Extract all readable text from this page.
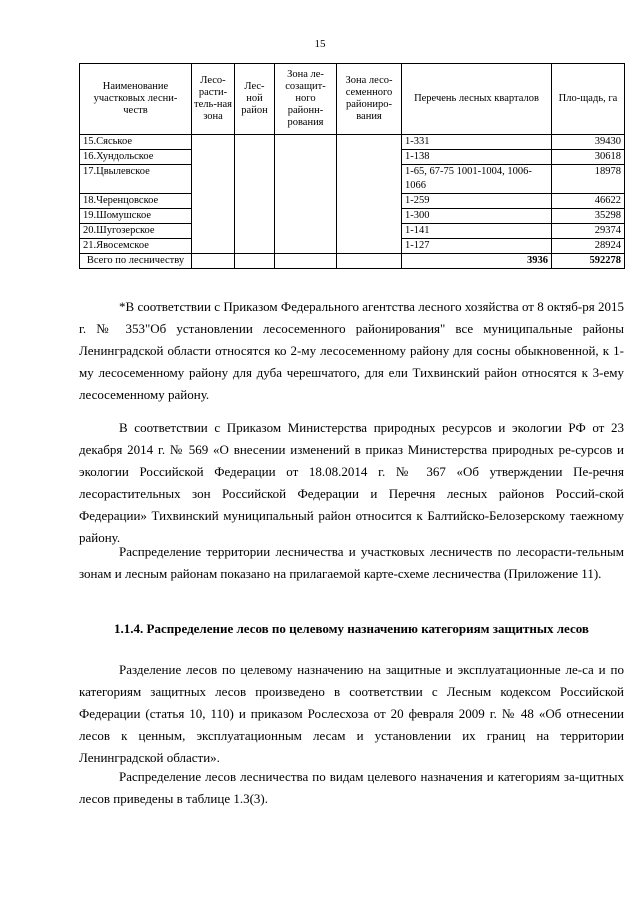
15
Наименование участковых лесни-честв	Лесо-расти-тель-ная зона	Лес-ной район	Зона ле-созащит-ного районн-рования	Зона лесо-семенного райониро-вания	Перечень лесных кварталов	Пло-щадь, га
15.Сяськое					1-331	39430
16.Хундольское					1-138	30618
17.Цвылевское					1-65, 67-75 1001-1004, 1006-1066	18978
18.Черенцовское					1-259	46622
19.Шомушское					1-300	35298
20.Шугозерское					1-141	29374
21.Явосемское					1-127	28924
Всего по лесничеству					3936	592278

*В соответствии с Приказом Федерального агентства лесного хозяйства от 8 октяб-ря 2015 г. № 353"Об установлении лесосеменного районирования" все муниципальные районы Ленинградской области относятся ко 2-му лесосеменному району для сосны обыкновенной, к 1-му лесосеменному району для дуба черешчатого, для ели Тихвинский район относятся к 3-ему лесосеменному району.

В соответствии с Приказом Министерства природных ресурсов и экологии РФ от 23 декабря 2014 г. № 569 «О внесении изменений в приказ Министерства природных ре-сурсов и экологии Российской Федерации от 18.08.2014 г. № 367 «Об утверждении Пе-речня лесорастительных зон Российской Федерации и Перечня лесных районов Россий-ской Федерации» Тихвинский муниципальный район относится к Балтийско-Белозерскому таежному району.

Распределение территории лесничества и участковых лесничеств по лесорасти-тельным зонам и лесным районам показано на прилагаемой карте-схеме лесничества (Приложение 11).

1.1.4. Распределение лесов по целевому назначению категориям защитных лесов

Разделение лесов по целевому назначению на защитные и эксплуатационные ле-са и по категориям защитных лесов произведено в соответствии с Лесным кодексом Российской Федерации (статья 10, 110) и приказом Рослесхоза от 20 февраля 2009 г. № 48 «Об отнесении лесов к ценным, эксплуатационным лесам и установлении их границ на территории Ленинградской области».

Распределение лесов лесничества по видам целевого назначения и категориям за-щитных лесов приведены в таблице 1.3(3).
